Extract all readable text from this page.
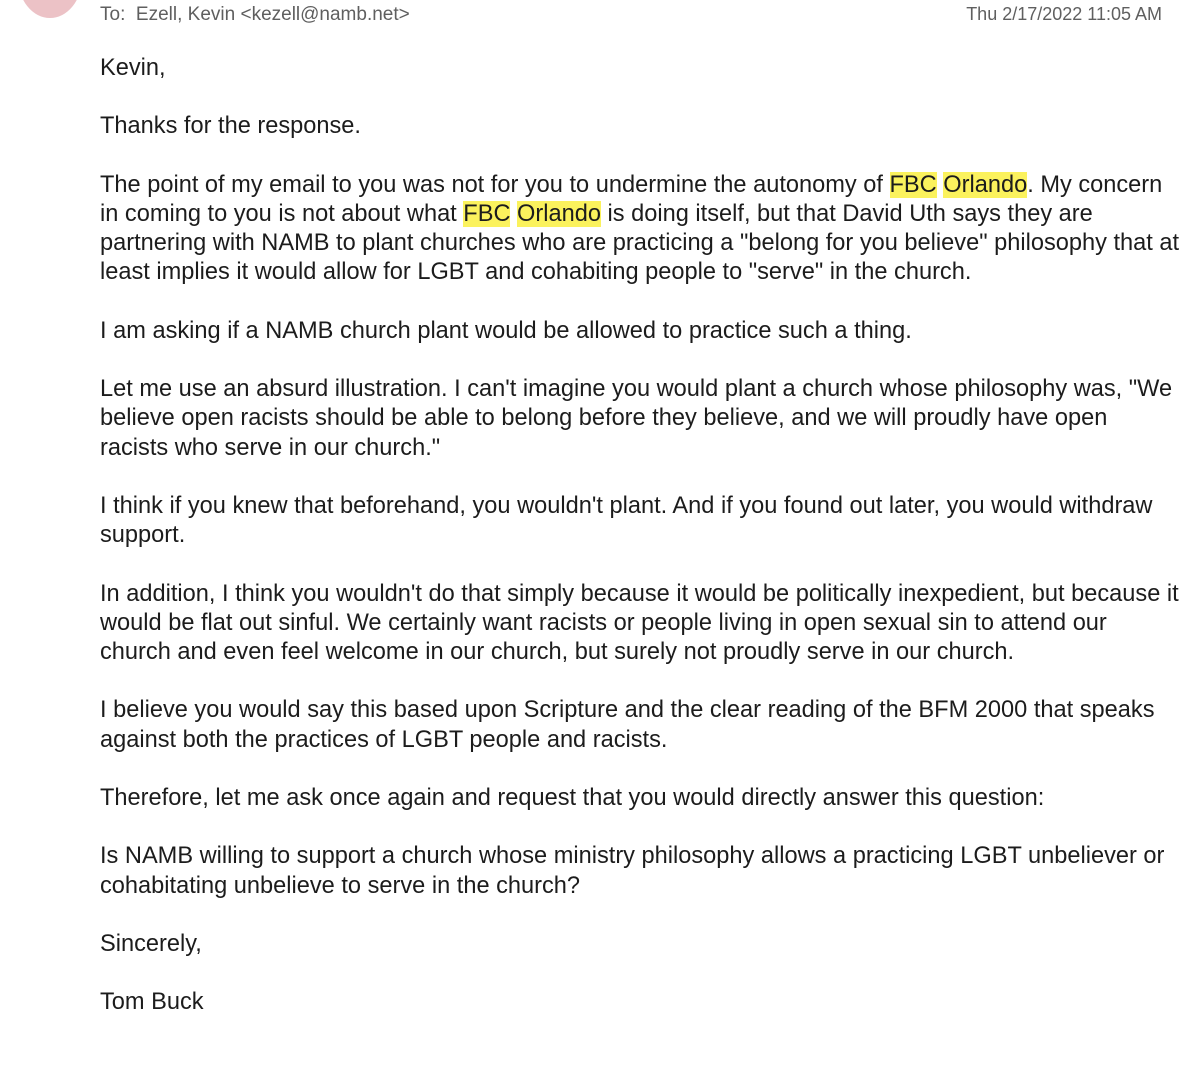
To: Ezell, Kevin <kezell@namb.net>	Thu 2/17/2022 11:05 AM

Kevin,

Thanks for the response.

The point of my email to you was not for you to undermine the autonomy of FBC Orlando. My concern in coming to you is not about what FBC Orlando is doing itself, but that David Uth says they are partnering with NAMB to plant churches who are practicing a "belong for you believe" philosophy that at least implies it would allow for LGBT and cohabiting people to "serve" in the church.

I am asking if a NAMB church plant would be allowed to practice such a thing.

Let me use an absurd illustration. I can't imagine you would plant a church whose philosophy was, "We believe open racists should be able to belong before they believe, and we will proudly have open racists who serve in our church."

I think if you knew that beforehand, you wouldn't plant. And if you found out later, you would withdraw support.

In addition, I think you wouldn't do that simply because it would be politically inexpedient, but because it would be flat out sinful. We certainly want racists or people living in open sexual sin to attend our church and even feel welcome in our church, but surely not proudly serve in our church.

I believe you would say this based upon Scripture and the clear reading of the BFM 2000 that speaks against both the practices of LGBT people and racists.

Therefore, let me ask once again and request that you would directly answer this question:

Is NAMB willing to support a church whose ministry philosophy allows a practicing LGBT unbeliever or cohabitating unbelieve to serve in the church?

Sincerely,

Tom Buck
